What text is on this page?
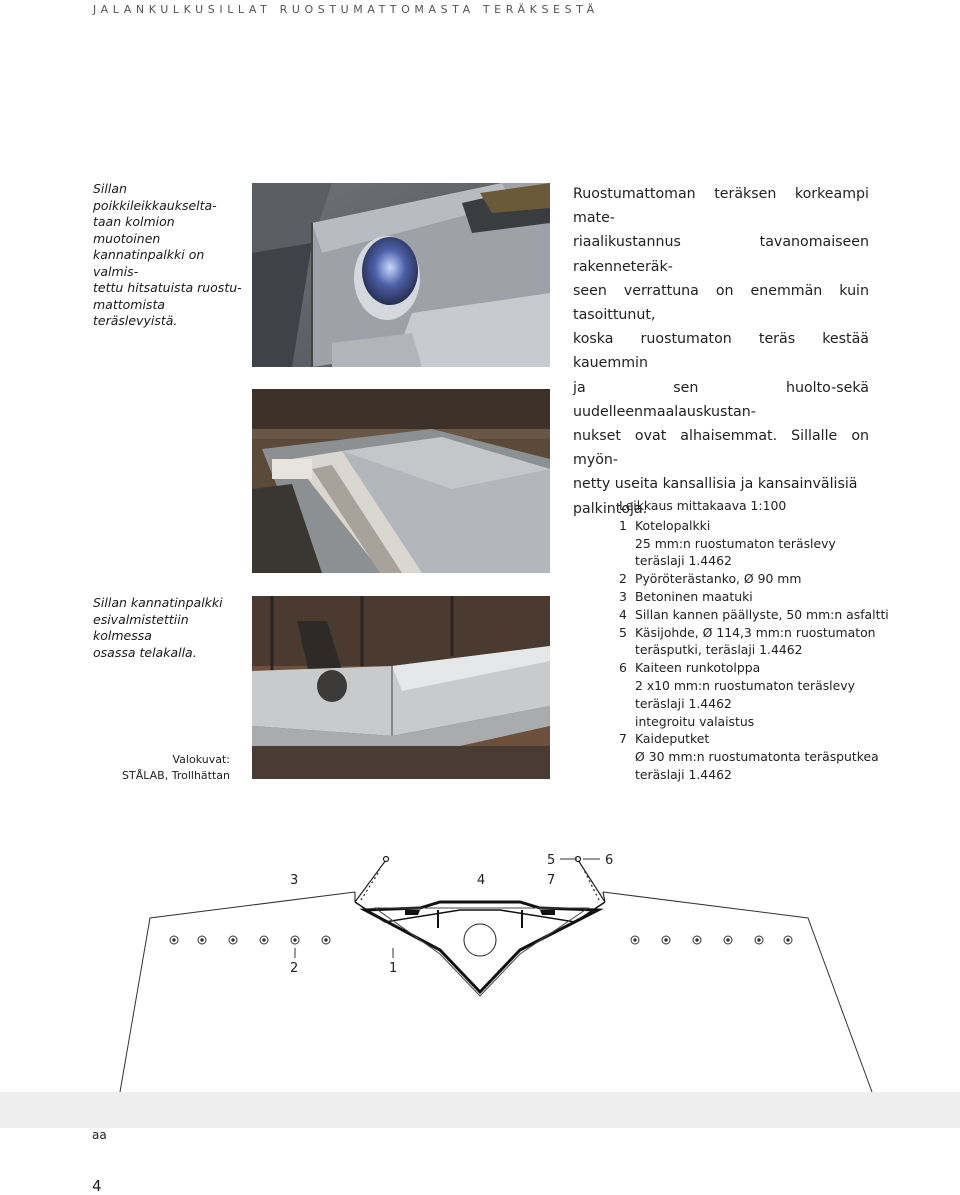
JALANKULKUSILLAT RUOSTUMATTOMASTA TERÄKSESTÄ
Sillan poikkileikkaukselta-
taan kolmion muotoinen
kannatinpalkki on valmis-
tettu hitsatuista ruostu-
mattomista teräslevyistä.
Ruostumattoman teräksen korkeampi mate-
riaalikustannus tavanomaiseen rakenneteräk-
seen verrattuna on enemmän kuin tasoittunut,
koska ruostumaton teräs kestää kauemmin
ja sen huolto-sekä uudelleenmaalauskustan-
nukset ovat alhaisemmat. Sillalle on myön-
netty useita kansallisia ja kansainvälisiä
palkintoja.
Sillan kannatinpalkki
esivalmistettiin kolmessa
osassa telakalla.
Valokuvat:
STÅLAB, Trollhättan
Leikkaus mittakaava 1:100
1 Kotelopalkki
25 mm:n ruostumaton teräslevy
teräslaji 1.4462
2 Pyöröterästanko, Ø 90 mm
3 Betoninen maatuki
4 Sillan kannen päällyste, 50 mm:n asfaltti
5 Käsijohde, Ø 114,3 mm:n ruostumaton
teräsputki, teräslaji 1.4462
6 Kaiteen runkotolppa
2 x10 mm:n ruostumaton teräslevy
teräslaji 1.4462
integroitu valaistus
7 Kaideputket
Ø 30 mm:n ruostumatonta teräsputkea
teräslaji 1.4462
3	4
5	6
7
2	1
aa
4
